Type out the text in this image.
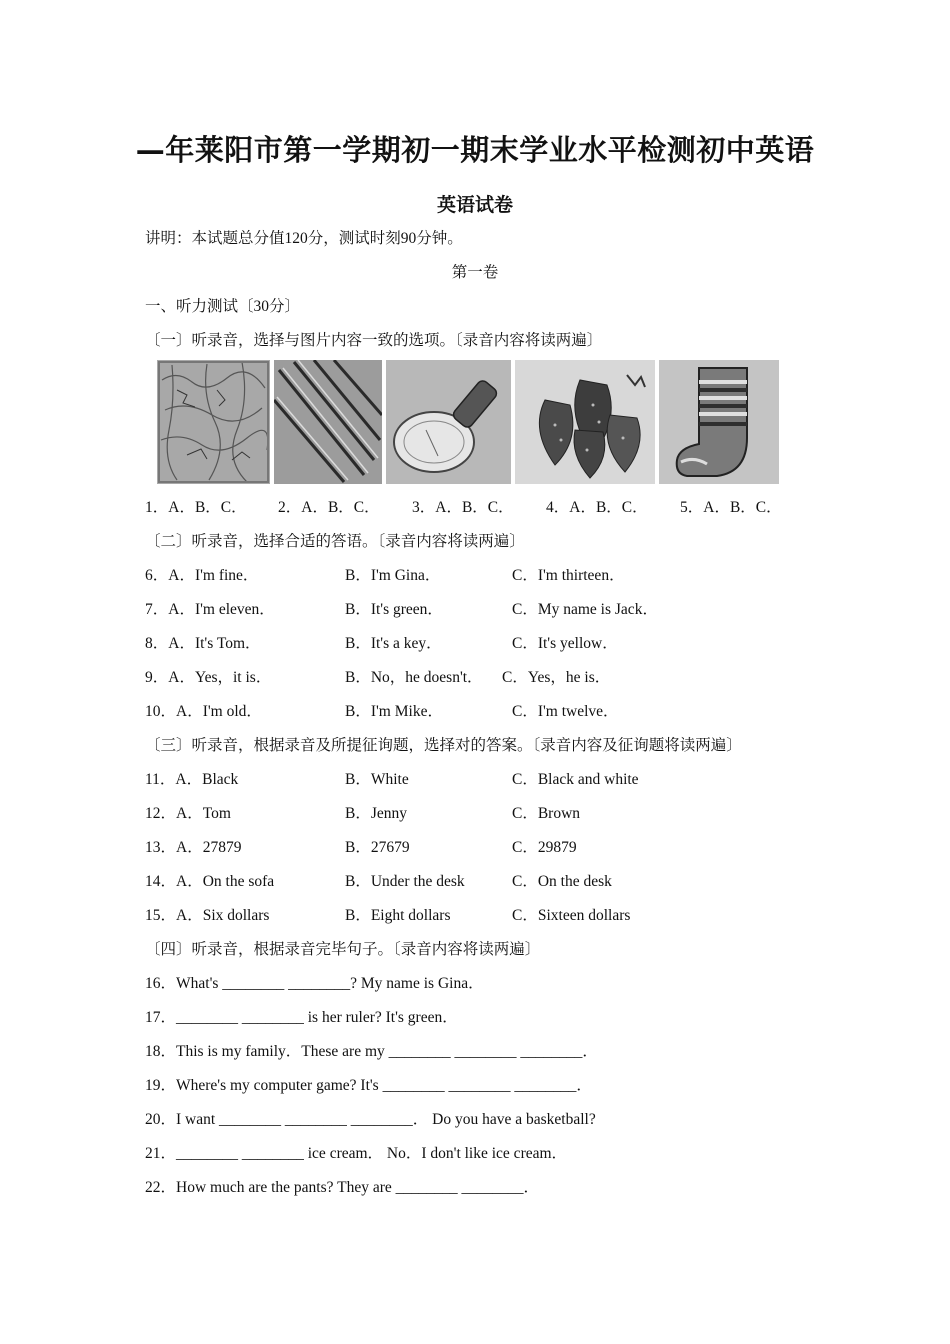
—年莱阳市第一学期初一期末学业水平检测初中英语
英语试卷
讲明：本试题总分值120分，测试时刻90分钟。
第一卷
一、听力测试〔30分〕
〔一〕听录音，选择与图片内容一致的选项。〔录音内容将读两遍〕
1．A．B．C． 2．A．B．C． 3．A．B．C． 4．A．B．C． 5．A．B．C．
〔二〕听录音，选择合适的答语。〔录音内容将读两遍〕
6．A．I'm fine．	B．I'm Gina．	C．I'm thirteen．
7．A．I'm eleven．	B．It's green．	C．My name is Jack．
8．A．It's Tom．	B．It's a key．	C．It's yellow．
9．A．Yes，it is．	B．No，he doesn't． C．Yes，he is．
10．A．I'm old．	B．I'm Mike．	C．I'm twelve．
〔三〕听录音，根据录音及所提征询题，选择对的答案。〔录音内容及征询题将读两遍〕
11．A．Black	B．White	C．Black and white
12．A．Tom	B．Jenny	C．Brown
13．A．27879	B．27679	C．29879
14．A．On the sofa	B．Under the desk	C．On the desk
15．A．Six dollars	B．Eight dollars	C．Sixteen dollars
〔四〕听录音，根据录音完毕句子。〔录音内容将读两遍〕
16．What's ________ ________? My name is Gina．
17．________ ________ is her ruler? It's green．
18．This is my family．These are my ________ ________ ________．
19．Where's my computer game? It's ________ ________ ________．
20．I want ________ ________ ________． Do you have a basketball?
21．________ ________ ice cream． No．I don't like ice cream．
22．How much are the pants? They are ________ ________．
